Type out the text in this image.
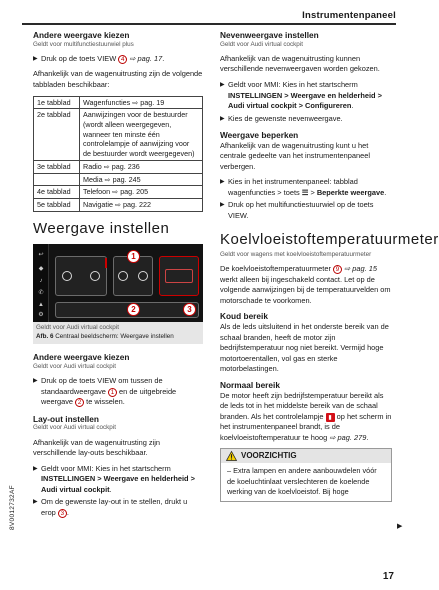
Instrumentenpaneel
Andere weergave kiezen
Geldt voor multifunctiestuurwiel plus
▶ Druk op de toets VIEW 4 ⇨ pag. 17.

Afhankelijk van de wagenuitrusting zijn de volgende tabbladen beschikbaar:

1e tabblad	Wagenfuncties ⇨ pag. 19
2e tabblad	Aanwijzingen voor de bestuurder (wordt alleen weergegeven, wanneer ten minste één controlelampje of aanwijzing voor de bestuurder wordt weergegeven)
3e tabblad	Radio ⇨ pag. 236
	Media ⇨ pag. 245
4e tabblad	Telefoon ⇨ pag. 205
5e tabblad	Navigatie ⇨ pag. 222
Weergave instellen
↩
◆
♪
✆
▲
⚙
1
2	3
Geldt voor Audi virtual cockpit
Afb. 6 Centraal beeldscherm: Weergave instellen
Andere weergave kiezen
Geldt voor Audi virtual cockpit
▶ Druk op de toets VIEW om tussen de standaardweergave 1 en de uitgebreide weergave 2 te wisselen.
Lay-out instellen
Geldt voor Audi virtual cockpit

Afhankelijk van de wagenuitrusting zijn verschillende lay-outs beschikbaar.

▶ Geldt voor MMI: Kies in het startscherm INSTELLINGEN > Weergave en helderheid > Audi virtual cockpit.
▶ Om de gewenste lay-out in te stellen, drukt u erop 3 .
Nevenweergave instellen
Geldt voor Audi virtual cockpit

Afhankelijk van de wagenuitrusting kunnen verschillende nevenweergaven worden gekozen.

▶ Geldt voor MMI: Kies in het startscherm INSTELLINGEN > Weergave en helderheid > Audi virtual cockpit > Configureren.
▶ Kies de gewenste nevenweergave.
Weergave beperken

Afhankelijk van de wagenuitrusting kunt u het centrale gedeelte van het instrumentenpaneel verbergen.

▶ Kies in het instrumentenpaneel: tabblad wagenfuncties > toets ☰ > Beperkte weergave.
▶ Druk op het multifunctiestuurwiel op de toets VIEW.
Koelvloeistoftemperatuurmeter
Geldt voor wagens met koelvloeistoftemperatuurmeter

De koelvloeistoftemperatuurmeter 9 ⇨ pag. 15 werkt alleen bij ingeschakeld contact. Let op de volgende aanwijzingen bij de temperatuurvelden om motorschade te voorkomen.

Koud bereik

Als de leds uitsluitend in het onderste bereik van de schaal branden, heeft de motor zijn bedrijfstemperatuur nog niet bereikt. Vermijd hoge motortoerentallen, vol gas en sterke motorbelastingen.

Normaal bereik

De motor heeft zijn bedrijfstemperatuur bereikt als de leds tot in het middelste bereik van de schaal branden. Als het controlelampje ▮ op het scherm in het instrumentenpaneel brandt, is de koelvloeistoftemperatuur te hoog ⇨ pag. 279.

VOORZICHTIG
– Extra lampen en andere aanbouwdelen vóór de koeluchtinlaat verslechteren de koelende werking van de koelvloeistof. Bij hoge
▶
8V0012732AF
17
